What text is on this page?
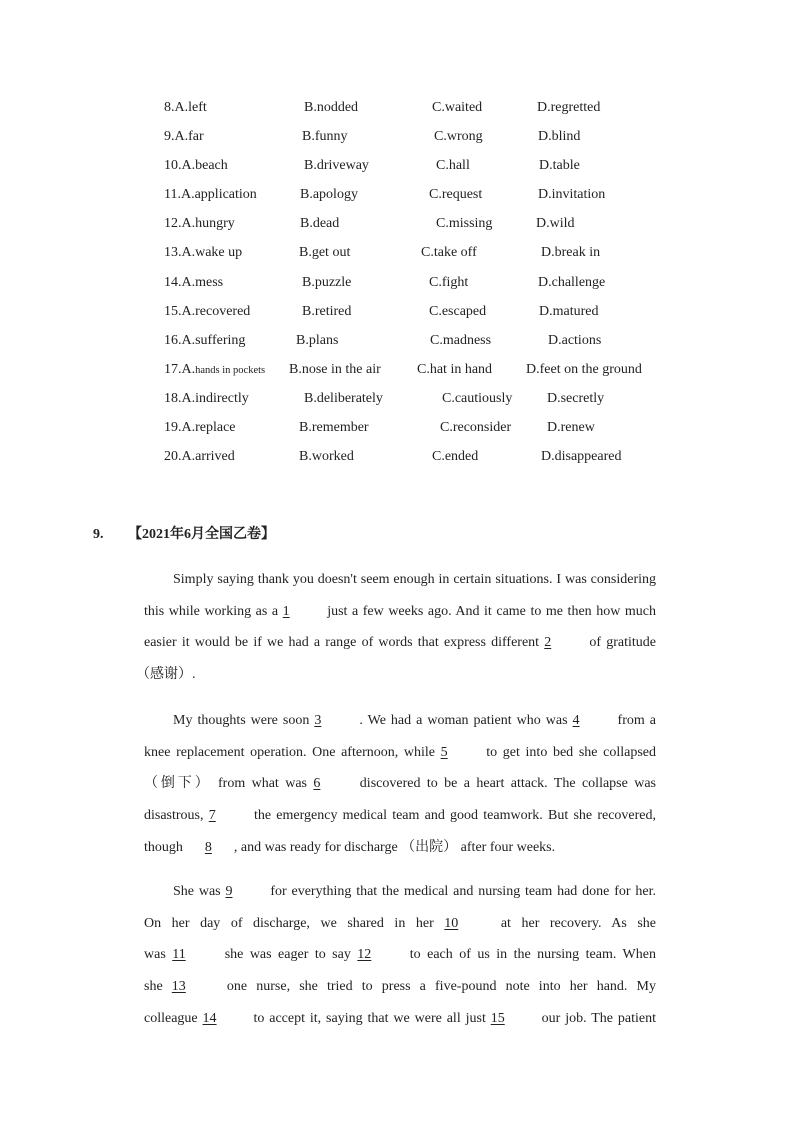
8.A.left	B.nodded	C.waited	D.regretted
9.A.far	B.funny	C.wrong	D.blind
10.A.beach	B.driveway	C.hall	D.table
11.A.application	B.apology	C.request	D.invitation
12.A.hungry	B.dead	C.missing	D.wild
13.A.wake up	B.get out	C.take off	D.break in
14.A.mess	B.puzzle	C.fight	D.challenge
15.A.recovered	B.retired	C.escaped	D.matured
16.A.suffering	B.plans	C.madness	D.actions
17.A.hands in pockets B.nose in the air	C.hat in hand D.feet on the ground
18.A.indirectly	B.deliberately	C.cautiously D.secretly
19.A.replace	B.remember	C.reconsider	D.renew
20.A.arrived	B.worked	C.ended	D.disappeared
9. 【2021年6月全国乙卷】
Simply saying thank you doesn't seem enough in certain situations. I was considering
this while working as a 1 just a few weeks ago. And it came to me then how much
easier it would be if we had a range of words that express different 2 of gratitude
（感谢）.
My thoughts were soon 3 . We had a woman patient who was 4 from a
knee replacement operation. One afternoon, while 5 to get into bed she collapsed
（倒下） from what was 6 discovered to be a heart attack. The collapse was
disastrous, 7 the emergency medical team and good teamwork. But she recovered,
though 8 , and was ready for discharge （出院） after four weeks.
She was 9 for everything that the medical and nursing team had done for her.
On her day of discharge, we shared in her 10 at her recovery. As she
was 11 she was eager to say 12 to each of us in the nursing team. When
she 13 one nurse, she tried to press a five-pound note into her hand. My
colleague 14 to accept it, saying that we were all just 15 our job. The patient
